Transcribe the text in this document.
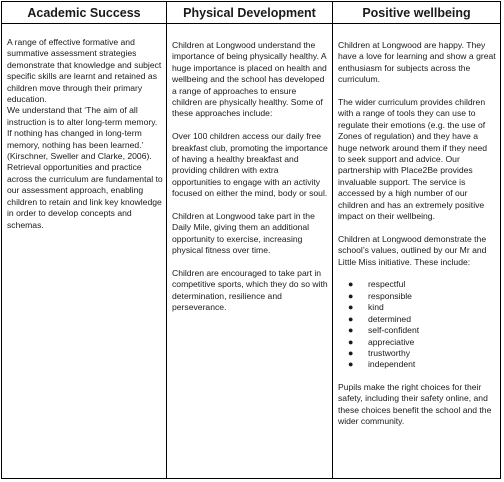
Academic Success	Physical Development	Positive wellbeing

A range of effective formative and summative assessment strategies demonstrate that knowledge and subject specific skills are learnt and retained as children move through their primary education.

We understand that ‘The aim of all instruction is to alter long-term memory. If nothing has changed in long-term memory, nothing has been learned.’ (Kirschner, Sweller and Clarke, 2006). Retrieval opportunities and practice across the curriculum are fundamental to our assessment approach, enabling children to retain and link key knowledge in order to develop concepts and schemas.

Children at Longwood understand the importance of being physically healthy. A huge importance is placed on health and wellbeing and the school has developed a range of approaches to ensure children are physically healthy. Some of these approaches include:

Over 100 children access our daily free breakfast club, promoting the importance of having a healthy breakfast and providing children with extra opportunities to engage with an activity focused on either the mind, body or soul.

Children at Longwood take part in the Daily Mile, giving them an additional opportunity to exercise, increasing physical fitness over time.

Children are encouraged to take part in competitive sports, which they do so with determination, resilience and perseverance.

Children at Longwood are happy. They have a love for learning and show a great enthusiasm for subjects across the curriculum.

The wider curriculum provides children with a range of tools they can use to regulate their emotions (e.g. the use of Zones of regulation) and they have a huge network around them if they need to seek support and advice. Our partnership with Place2Be provides invaluable support. The service is accessed by a high number of our children and has an extremely positive impact on their wellbeing.

Children at Longwood demonstrate the school’s values, outlined by our Mr and Little Miss initiative. These include:

● respectful
● responsible
● kind
● determined
● self-confident
● appreciative
● trustworthy
● independent

Pupils make the right choices for their safety, including their safety online, and these choices benefit the school and the wider community.
